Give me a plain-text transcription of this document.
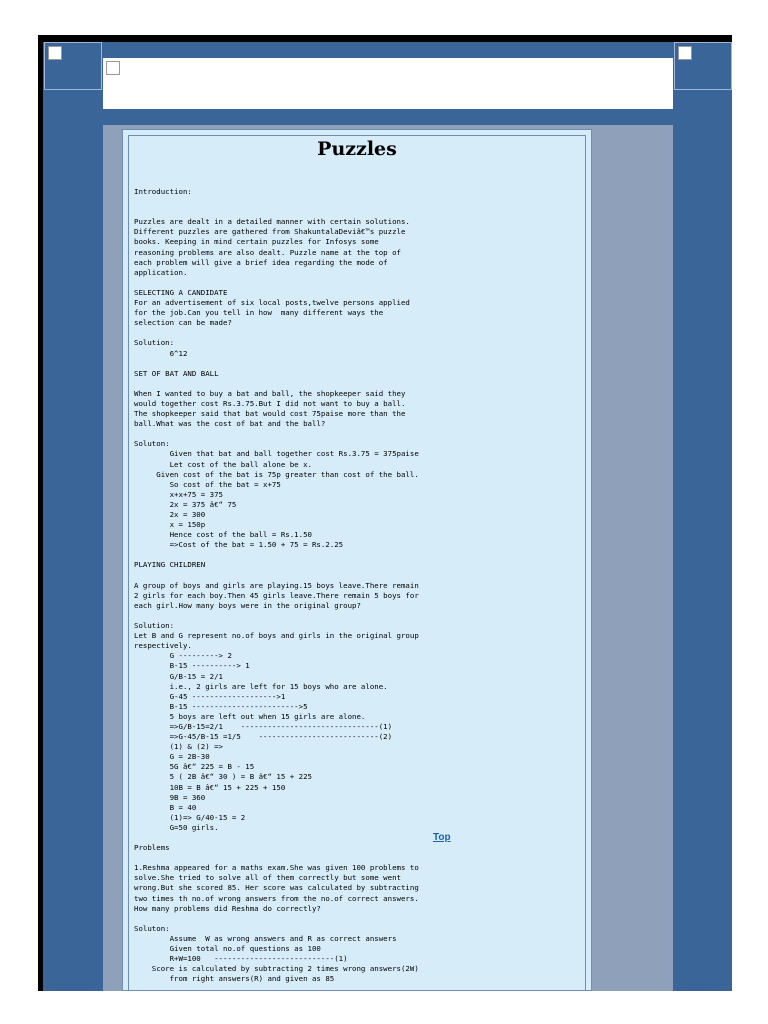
Puzzles
Introduction:
Puzzles are dealt in a detailed manner with certain solutions.
Different puzzles are gathered from ShakuntalaDeviâ€™s puzzle
books. Keeping in mind certain puzzles for Infosys some
reasoning problems are also dealt. Puzzle name at the top of
each problem will give a brief idea regarding the mode of
application.
SELECTING A CANDIDATE
For an advertisement of six local posts,twelve persons applied
for the job.Can you tell in how  many different ways the
selection can be made?
Solution:
6^12
SET OF BAT AND BALL
When I wanted to buy a bat and ball, the shopkeeper said they
would together cost Rs.3.75.But I did not want to buy a ball.
The shopkeeper said that bat would cost 75paise more than the
ball.What was the cost of bat and the ball?
Soluton:
Given that bat and ball together cost Rs.3.75 = 375paise
Let cost of the ball alone be x.
Given cost of the bat is 75p greater than cost of the ball.
So cost of the bat = x+75
x+x+75 = 375
2x = 375 â€“ 75
2x = 300
x = 150p
Hence cost of the ball = Rs.1.50
=>Cost of the bat = 1.50 + 75 = Rs.2.25
PLAYING CHILDREN
A group of boys and girls are playing.15 boys leave.There remain
2 girls for each boy.Then 45 girls leave.There remain 5 boys for
each girl.How many boys were in the original group?
Solution:
Let B and G represent no.of boys and girls in the original group
respectively.
G ---------> 2
B-15 ----------> 1
G/B-15 = 2/1
i.e., 2 girls are left for 15 boys who are alone.
G-45 ------------------->1
B-15 ------------------------>5
5 boys are left out when 15 girls are alone.
=>G/B-15=2/1    -------------------------------(1)
=>G-45/B-15 =1/5    ---------------------------(2)
(1) & (2) =>
G = 2B-30
5G â€“ 225 = B - 15
5 ( 2B â€“ 30 ) = B â€“ 15 + 225
10B = B â€“ 15 + 225 + 150
9B = 360
B = 40
(1)=> G/40-15 = 2
G=50 girls.
Problems
1.Reshma appeared for a maths exam.She was given 100 problems to
solve.She tried to solve all of them correctly but some went
wrong.But she scored 85. Her score was calculated by subtracting
two times th no.of wrong answers from the no.of correct answers.
How many problems did Reshma do correctly?
Soluton:
Assume  W as wrong answers and R as correct answers
Given total no.of questions as 100
R+W=100   ---------------------------(1)
Score is calculated by subtracting 2 times wrong answers(2W)
from right answers(R) and given as 85
Top
